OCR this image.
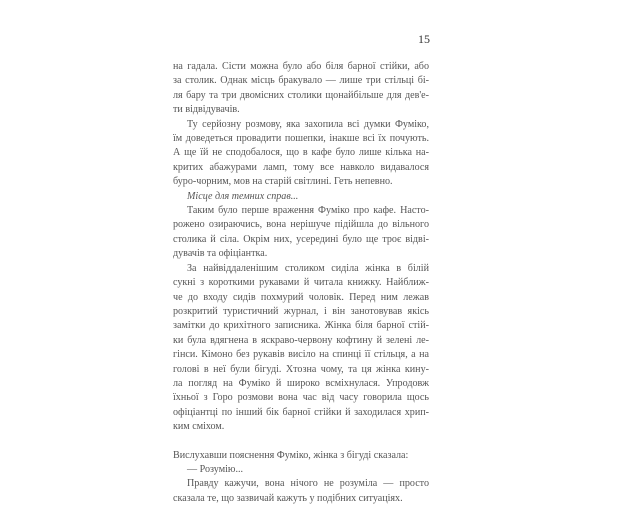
15
на гадала. Сісти можна було або біля барної стійки, або
за столик. Однак місць бракувало — лише три стільці бі-
ля бару та три двомісних столики щонайбільше для дев'е-
ти відвідувачів.
Ту серйозну розмову, яка захопила всі думки Фуміко,
їм доведеться провадити пошепки, інакше всі їх почують.
А ще їй не сподобалося, що в кафе було лише кілька на-
критих абажурами ламп, тому все навколо видавалося
буро-чорним, мов на старій світлині. Геть непевно.
Місце для темних справ...
Таким було перше враження Фуміко про кафе. Насто-
рожено озираючись, вона нерішуче підійшла до вільного
столика й сіла. Окрім них, усередині було ще троє відві-
дувачів та офіціантка.
За найвіддаленішим столиком сиділа жінка в білій
сукні з короткими рукавами й читала книжку. Найближ-
че до входу сидів похмурий чоловік. Перед ним лежав
розкритий туристичний журнал, і він занотовував якісь
замітки до крихітного записника. Жінка біля барної стій-
ки була вдягнена в яскраво-червону кофтину й зелені ле-
гінси. Кімоно без рукавів висіло на спинці її стільця, а на
голові в неї були бігуді. Хтозна чому, та ця жінка кину-
ла погляд на Фуміко й широко всміхнулася. Упродовж
їхньої з Горо розмови вона час від часу говорила щось
офіціантці по інший бік барної стійки й заходилася хрип-
ким сміхом.
Вислухавши пояснення Фуміко, жінка з бігуді сказала:
— Розумію...
Правду кажучи, вона нічого не розуміла — просто
сказала те, що зазвичай кажуть у подібних ситуаціях.
